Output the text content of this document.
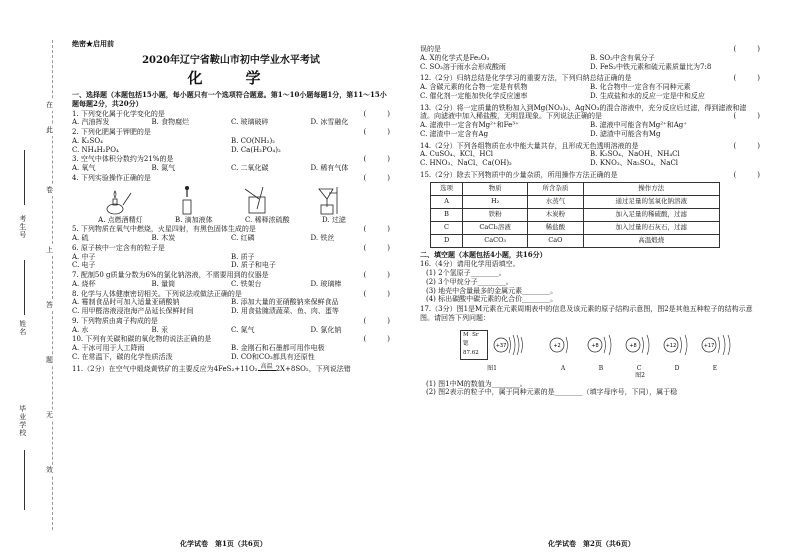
在
此
卷
上
答
题
无
效
考生号
姓名
毕业学校
绝密★启用前
2020年辽宁省鞍山市初中学业水平考试
化　学
一、选择题（本题包括15小题，每小题只有一个选项符合题意。第1～10小题每题1分，第11～15小题每题2分，共20分）
1. 下列变化属于化学变化的是	(　　　)
A. 汽油挥发	B. 食物腐烂	C. 玻璃破碎	D. 冰雪融化
2. 下列化肥属于钾肥的是	(　　　)
A. K₂SO₄	B. CO(NH₂)₂
C. NH₄H₂PO₄	D. Ca(H₂PO₄)₂
3. 空气中体积分数约为21%的是	(　　　)
A. 氧气	B. 氮气	C. 二氧化碳	D. 稀有气体
4. 下列实验操作正确的是	(　　　)
A. 点燃酒精灯	B. 滴加液体	C. 稀释浓硫酸	D. 过滤
5. 下列物质在氧气中燃烧，火星四射，有黑色固体生成的是	(　　　)
A. 硫	B. 木炭	C. 红磷	D. 铁丝
6. 原子核中一定含有的粒子是	(　　　)
A. 中子	B. 质子
C. 电子	D. 质子和电子
7. 配制50 g质量分数为6%的氯化钠溶液，不需要用到的仪器是	(　　　)
A. 烧杯	B. 量筒	C. 铁架台	D. 玻璃棒
8. 化学与人体健康密切相关。下列说法或做法正确的是	(　　　)
A. 霉制食品时可加入适量亚硝酸钠	B. 添加大量的亚硝酸钠来保鲜食品
C. 用甲醛溶液浸泡海产品延长保鲜时间	D. 用食盐腌渍蔬菜、鱼、肉、蛋等
9. 下列物质由离子构成的是	(　　　)
A. 水	B. 汞	C. 氮气	D. 氯化钠
10. 下列有关碳和碳的氧化物的说法正确的是	(　　　)
A. 干冰可用于人工降雨	B. 金刚石和石墨都可用作电极
C. 在常温下，碳的化学性质活泼	D. CO和CO₂都具有还原性
11.（2分）在空气中煅烧黄铁矿的主要反应为4FeS₂+11O₂ 高温 2X+8SO₂，下列说法错
误的是	(　　　)
A. X的化学式是Fe₂O₃	B. SO₂中含有氧分子
C. SO₂溶于雨水会形成酸雨	D. FeS₂中铁元素和硫元素质量比为7:8
12.（2分）归纳总结是化学学习的重要方法，下列归纳总结正确的是	(　　　)
A. 含碳元素的化合物一定是有机物	B. 化合物中一定含有不同种元素
C. 催化剂一定能加快化学反应速率	D. 生成盐和水的反应一定是中和反应
13.（2分）将一定质量的铁粉加入到Mg(NO₃)₂、AgNO₃的混合溶液中，充分反应后过滤，得到滤液和滤渣。向滤液中加入稀盐酸，无明显现象。下列说法正确的是	(　　　)
A. 滤液中一定含有Mg²⁺和Fe³⁺	B. 滤液中可能含有Mg²⁺和Ag⁺
C. 滤渣中一定含有Ag	D. 滤渣中可能含有Mg
14.（2分）下列各组物质在水中能大量共存，且形成无色透明溶液的是	(　　　)
A. CuSO₄、KCl、HCl	B. K₂SO₄、NaOH、NH₄Cl
C. HNO₃、NaCl、Ca(OH)₂	D. KNO₃、Na₂SO₄、NaCl
15.（2分）除去下列物质中的少量杂质，所用操作方法正确的是	(　　　)
选项	物质	所含杂质	操作方法
A	H₂	水蒸气	通过足量的氢氧化钠溶液
B	铁粉	木炭粉	加入足量的稀硫酸，过滤
C	CaCl₂溶液	稀盐酸	加入过量的石灰石，过滤
D	CaCO₃	CaO	高温煅烧
二、填空题（本题包括4小题，共16分）
16.（4分）请用化学用语填空。
(1) 2个氢原子________。
(2) 3个甲烷分子________。
(3) 地壳中含量最多的金属元素________。
(4) 标出碳酸中碳元素的化合价________。
17.（3分）图1是M元素在元素周期表中的信息及该元素的原子结构示意图，图2是其他五种粒子的结构示意图。请回答下列问题：
M Sr
锶
87.62
+37	+2	+8	+8	+12	+17
图1	A	B	C	D	E
图2
(1) 图1中M的数值为________。
(2) 图2表示的粒子中，属于同种元素的是________（填字母序号，下同），属于稳
化学试卷　第1页（共6页）	化学试卷　第2页（共6页）
